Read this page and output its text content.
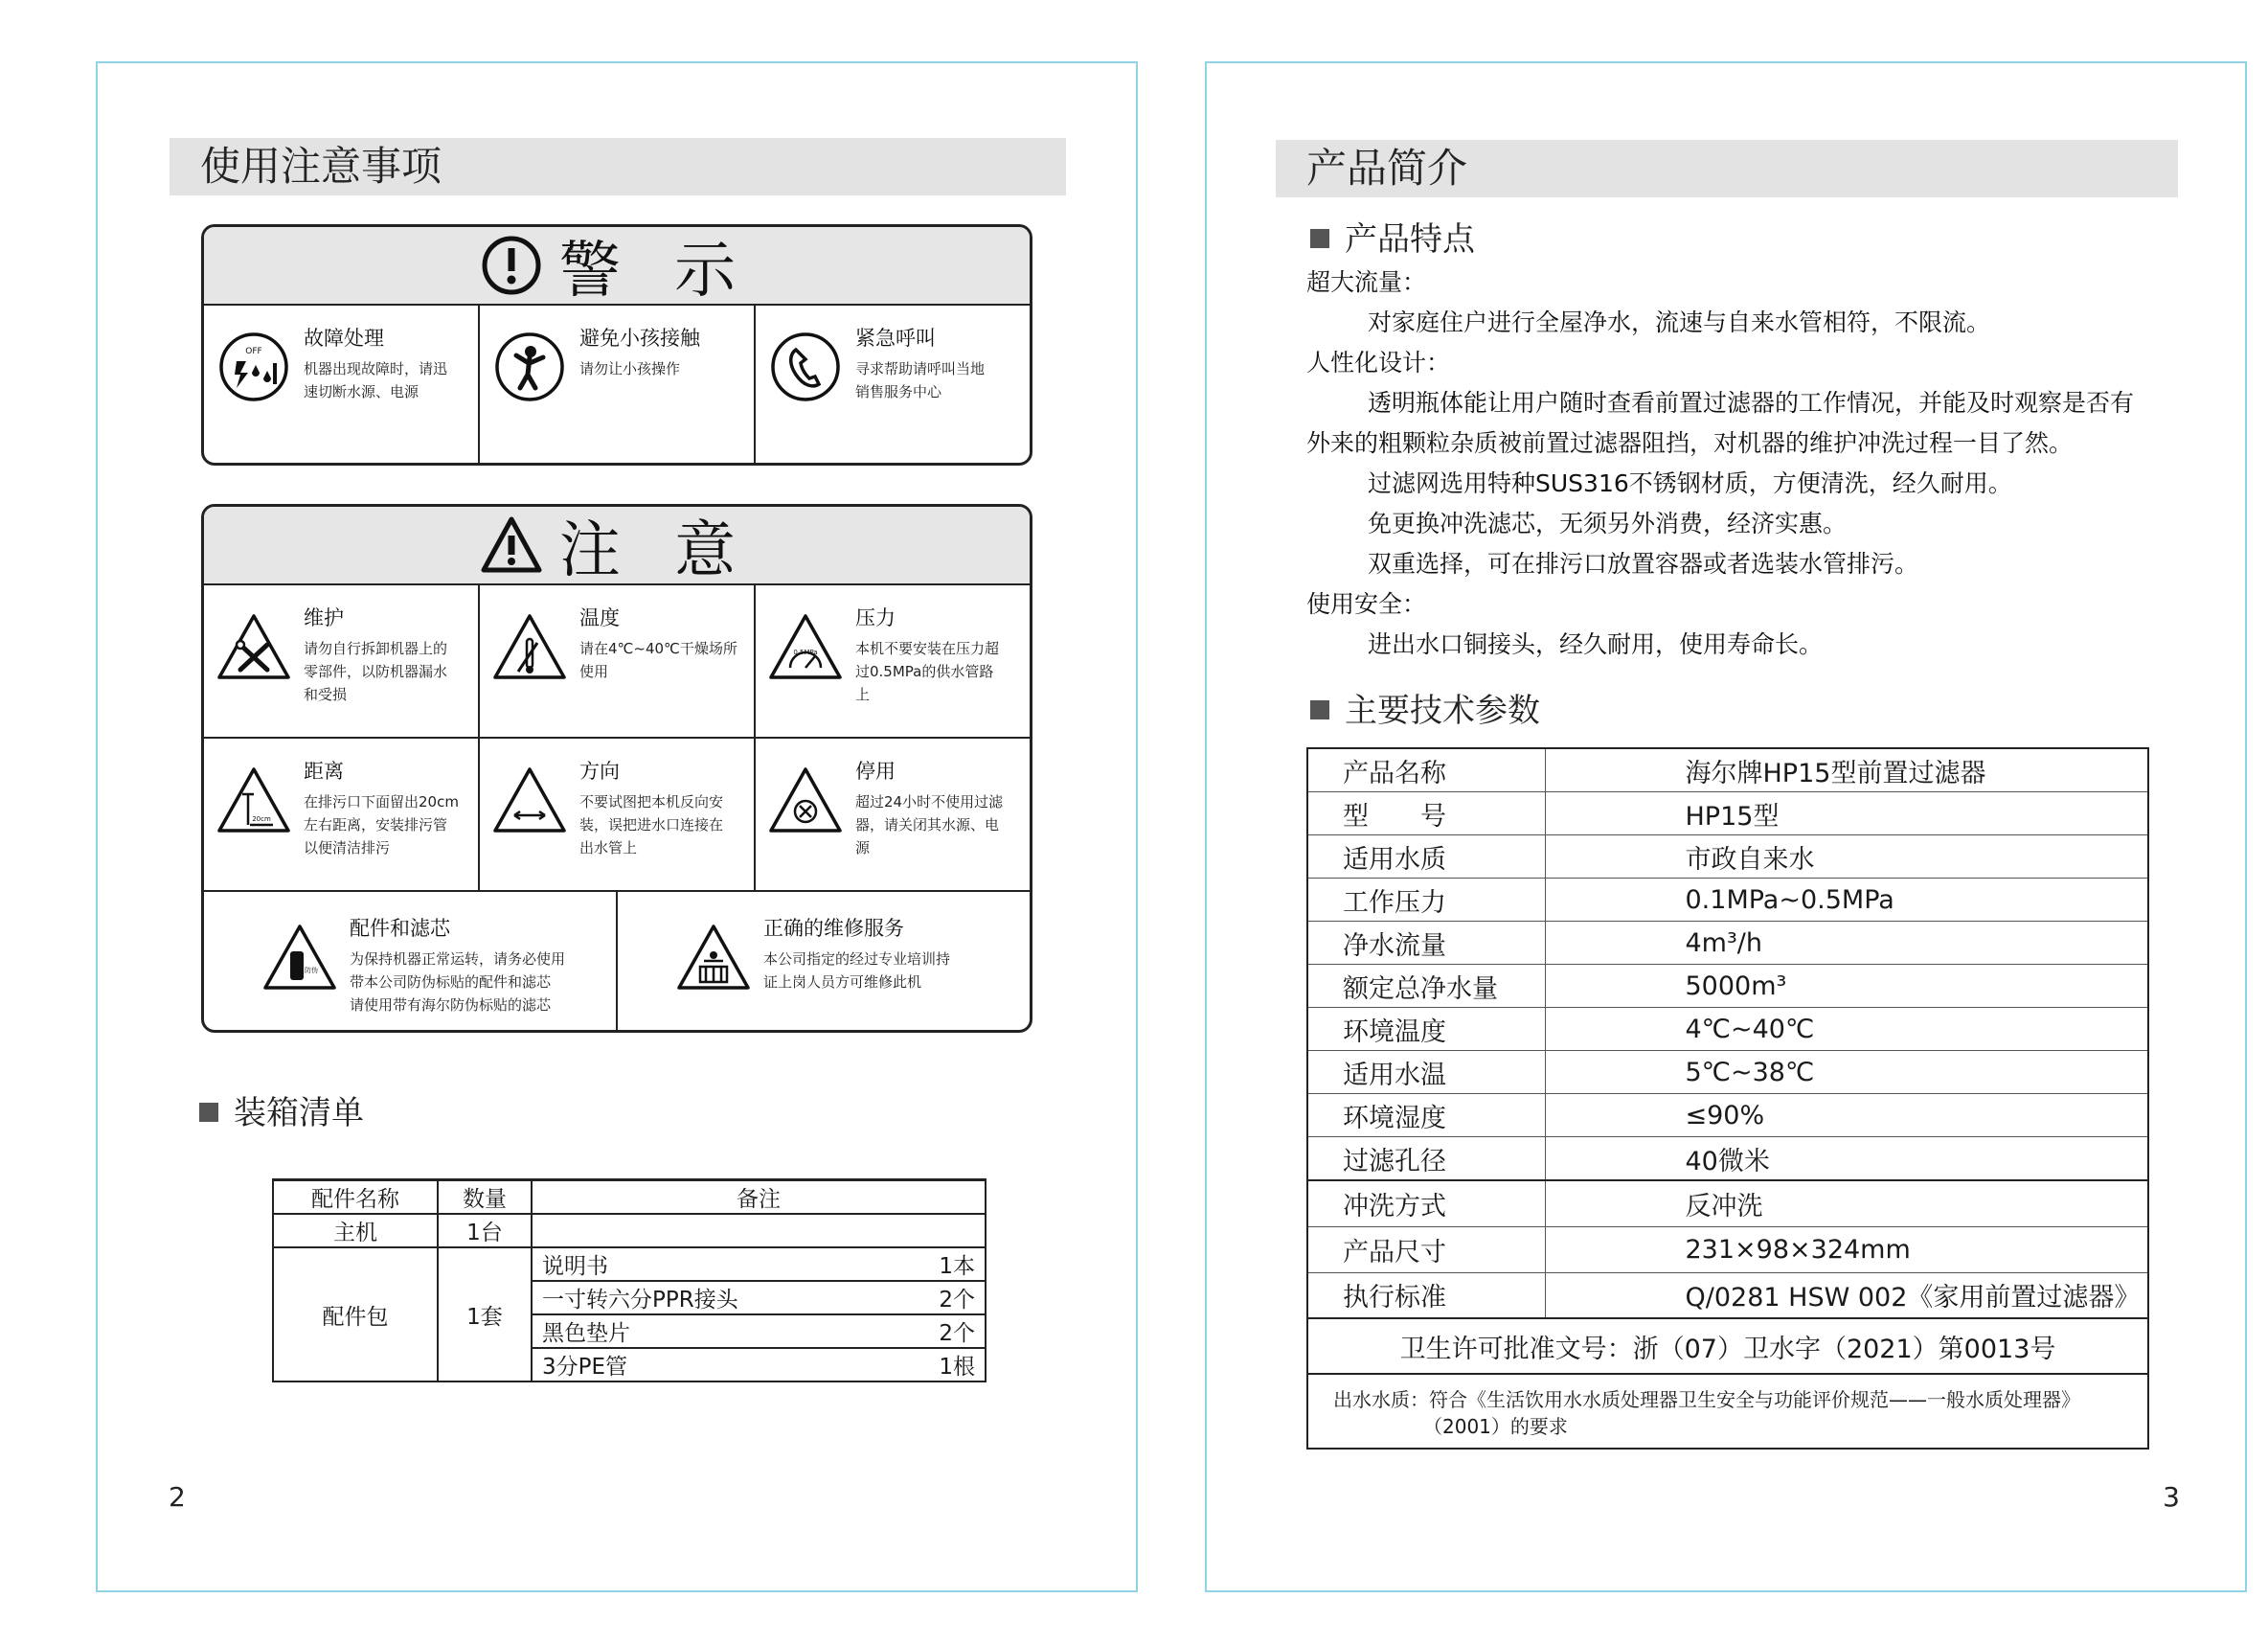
使用注意事项
警 示
OFF
故障处理
机器出现故障时，请迅
速切断水源、电源
避免小孩接触
请勿让小孩操作
紧急呼叫
寻求帮助请呼叫当地
销售服务中心
注 意
维护
请勿自行拆卸机器上的
零部件，以防机器漏水
和受损
温度
请在4℃~40℃干燥场所
使用
0.5MPa
压力
本机不要安装在压力超
过0.5MPa的供水管路
上
20cm
距离
在排污口下面留出20cm
左右距离，安装排污管
以便清洁排污
方向
不要试图把本机反向安
装，误把进水口连接在
出水管上
停用
超过24小时不使用过滤
器，请关闭其水源、电
源
防伪
配件和滤芯
为保持机器正常运转，请务必使用
带本公司防伪标贴的配件和滤芯
请使用带有海尔防伪标贴的滤芯
正确的维修服务
本公司指定的经过专业培训持
证上岗人员方可维修此机
装箱清单
配件名称	数量	备注	
主机	1台		
配件包	1套	说明书	1本
		一寸转六分PPR接头	2个
		黑色垫片	2个
		3分PE管	1根
2
产品简介
产品特点
超大流量：
对家庭住户进行全屋净水，流速与自来水管相符，不限流。
人性化设计：
透明瓶体能让用户随时查看前置过滤器的工作情况，并能及时观察是否有
外来的粗颗粒杂质被前置过滤器阻挡，对机器的维护冲洗过程一目了然。
过滤网选用特种SUS316不锈钢材质，方便清洗，经久耐用。
免更换冲洗滤芯，无须另外消费，经济实惠。
双重选择，可在排污口放置容器或者选装水管排污。
使用安全：
进出水口铜接头，经久耐用，使用寿命长。
主要技术参数
产品名称	海尔牌HP15型前置过滤器
型　　号	HP15型
适用水质	市政自来水
工作压力	0.1MPa~0.5MPa
净水流量	4m³/h
额定总净水量	5000m³
环境温度	4℃~40℃
适用水温	5℃~38℃
环境湿度	≤90%
过滤孔径	40微米
冲洗方式	反冲洗
产品尺寸	231×98×324mm
执行标准	Q/0281 HSW 002《家用前置过滤器》
卫生许可批准文号：浙（07）卫水字（2021）第0013号	

出水水质：符合《生活饮用水水质处理器卫生安全与功能评价规范——一般水质处理器》
（2001）的要求	
3
